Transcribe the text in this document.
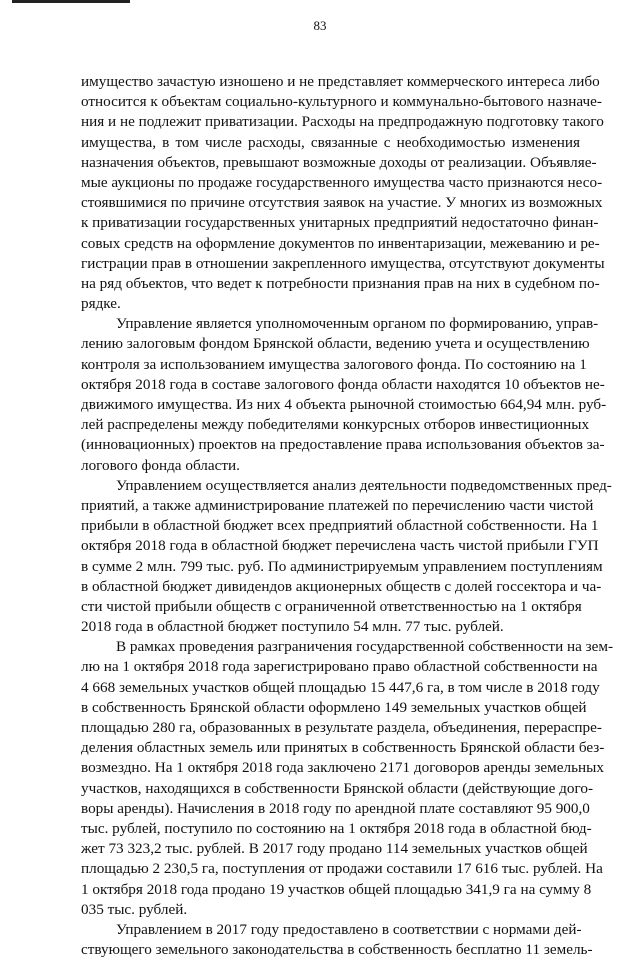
83
имущество зачастую изношено и не представляет коммерческого интереса либо
относится к объектам социально-культурного и коммунально-бытового назначе-
ния и не подлежит приватизации. Расходы на предпродажную подготовку такого
имущества, в том числе расходы, связанные с необходимостью изменения
назначения объектов, превышают возможные доходы от реализации. Объявляе-
мые аукционы по продаже государственного имущества часто признаются несо-
стоявшимися по причине отсутствия заявок на участие. У многих из возможных
к приватизации государственных унитарных предприятий недостаточно финан-
совых средств на оформление документов по инвентаризации, межеванию и ре-
гистрации прав в отношении закрепленного имущества, отсутствуют документы
на ряд объектов, что ведет к потребности признания прав на них в судебном по-
рядке.
Управление является уполномоченным органом по формированию, управ-
лению залоговым фондом Брянской области, ведению учета и осуществлению
контроля за использованием имущества залогового фонда. По состоянию на 1
октября 2018 года в составе залогового фонда области находятся 10 объектов не-
движимого имущества. Из них 4 объекта рыночной стоимостью 664,94 млн. руб-
лей распределены между победителями конкурсных отборов инвестиционных
(инновационных) проектов на предоставление права использования объектов за-
логового фонда области.
Управлением осуществляется анализ деятельности подведомственных пред-
приятий, а также администрирование платежей по перечислению части чистой
прибыли в областной бюджет всех предприятий областной собственности. На 1
октября 2018 года в областной бюджет перечислена часть чистой прибыли ГУП
в сумме 2 млн. 799 тыс. руб. По администрируемым управлением поступлениям
в областной бюджет дивидендов акционерных обществ с долей госсектора и ча-
сти чистой прибыли обществ с ограниченной ответственностью на 1 октября
2018 года в областной бюджет поступило 54 млн. 77 тыс. рублей.
В рамках проведения разграничения государственной собственности на зем-
лю на 1 октября 2018 года зарегистрировано право областной собственности на
4 668 земельных участков общей площадью 15 447,6 га, в том числе в 2018 году
в собственность Брянской области оформлено 149 земельных участков общей
площадью 280 га, образованных в результате раздела, объединения, перераспре-
деления областных земель или принятых в собственность Брянской области без-
возмездно. На 1 октября 2018 года заключено 2171 договоров аренды земельных
участков, находящихся в собственности Брянской области (действующие дого-
воры аренды). Начисления в 2018 году по арендной плате составляют 95 900,0
тыс. рублей, поступило по состоянию на 1 октября 2018 года в областной бюд-
жет 73 323,2 тыс. рублей. В 2017 году продано 114 земельных участков общей
площадью 2 230,5 га, поступления от продажи составили 17 616 тыс. рублей. На
1 октября 2018 года продано 19 участков общей площадью 341,9 га на сумму 8
035 тыс. рублей.
Управлением в 2017 году предоставлено в соответствии с нормами дей-
ствующего земельного законодательства в собственность бесплатно 11 земель-
